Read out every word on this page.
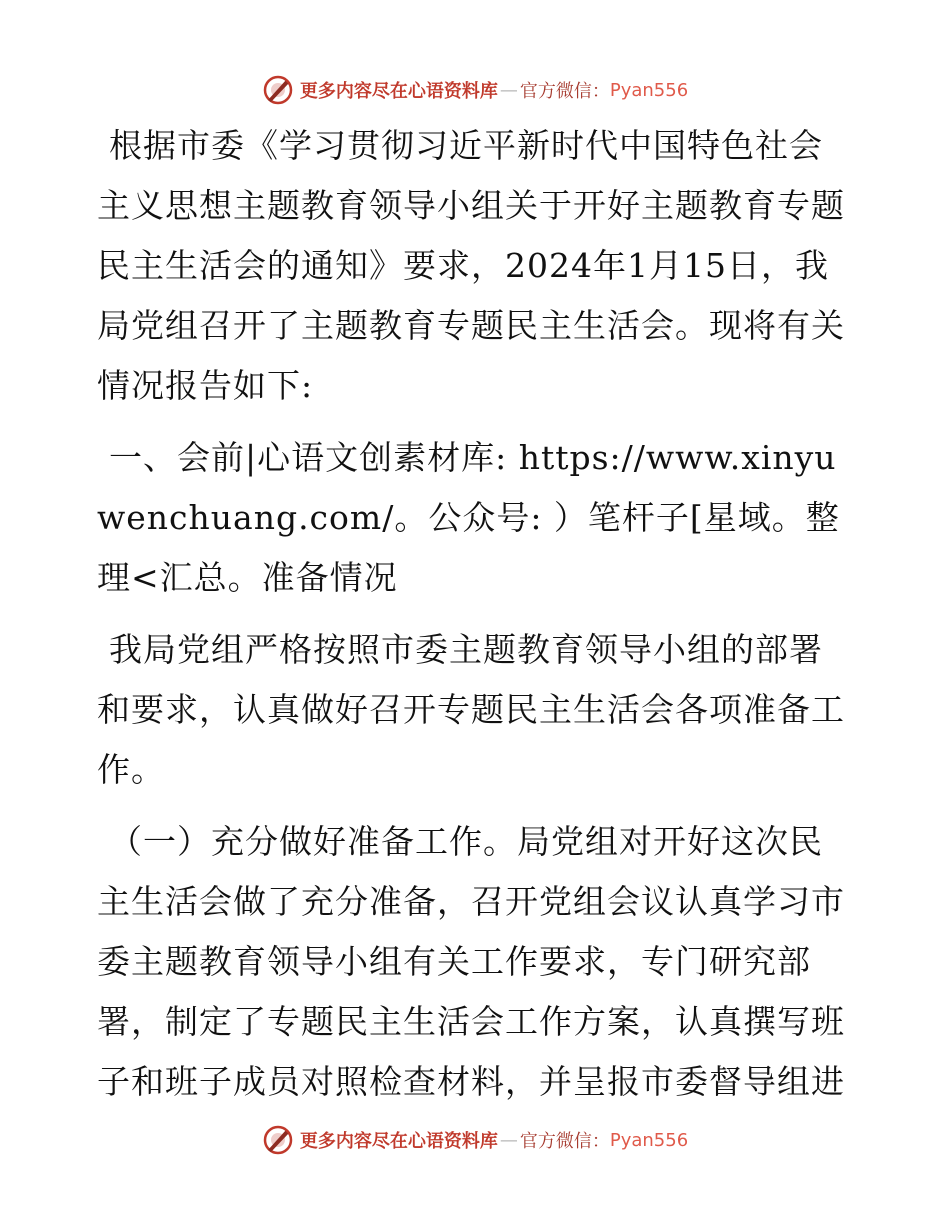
更多内容尽在心语资料库 — 官方微信： Pyan556

根据市委《学习贯彻习近平新时代中国特色社会主义思想主题教育领导小组关于开好主题教育专题民主生活会的通知》要求，2024年1月15日，我局党组召开了主题教育专题民主生活会。现将有关情况报告如下:

一、会前|心语文创素材库: https://www.xinyuwenchuang.com/。公众号: ）笔杆子[星域。整理<汇总。准备情况

我局党组严格按照市委主题教育领导小组的部署和要求，认真做好召开专题民主生活会各项准备工作。

（一）充分做好准备工作。局党组对开好这次民主生活会做了充分准备，召开党组会议认真学习市委主题教育领导小组有关工作要求，专门研究部署，制定了专题民主生活会工作方案，认真撰写班子和班子成员对照检查材料，并呈报市委督导组进

更多内容尽在心语资料库 — 官方微信： Pyan556
